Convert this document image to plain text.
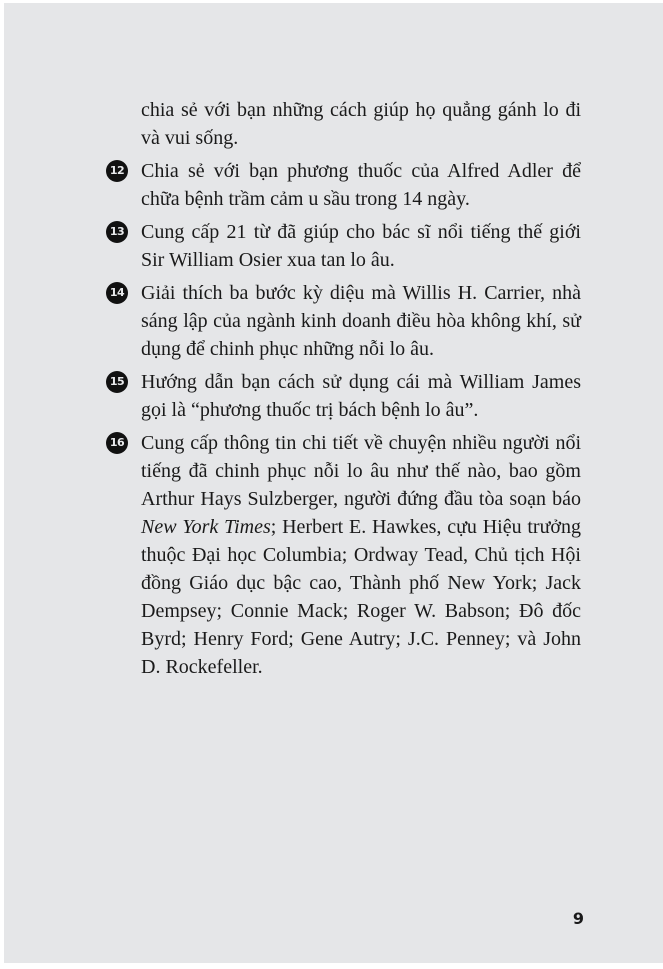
chia sẻ với bạn những cách giúp họ quẳng gánh lo đi và vui sống.

12 Chia sẻ với bạn phương thuốc của Alfred Adler để chữa bệnh trầm cảm u sầu trong 14 ngày.
13 Cung cấp 21 từ đã giúp cho bác sĩ nổi tiếng thế giới Sir William Osier xua tan lo âu.
14 Giải thích ba bước kỳ diệu mà Willis H. Carrier, nhà sáng lập của ngành kinh doanh điều hòa không khí, sử dụng để chinh phục những nỗi lo âu.
15 Hướng dẫn bạn cách sử dụng cái mà William James gọi là “phương thuốc trị bách bệnh lo âu”.
16 Cung cấp thông tin chi tiết về chuyện nhiều người nổi tiếng đã chinh phục nỗi lo âu như thế nào, bao gồm Arthur Hays Sulzberger, người đứng đầu tòa soạn báo New York Times; Herbert E. Hawkes, cựu Hiệu trưởng thuộc Đại học Columbia; Ordway Tead, Chủ tịch Hội đồng Giáo dục bậc cao, Thành phố New York; Jack Dempsey; Connie Mack; Roger W. Babson; Đô đốc Byrd; Henry Ford; Gene Autry; J.C. Penney; và John D. Rockefeller.
9
